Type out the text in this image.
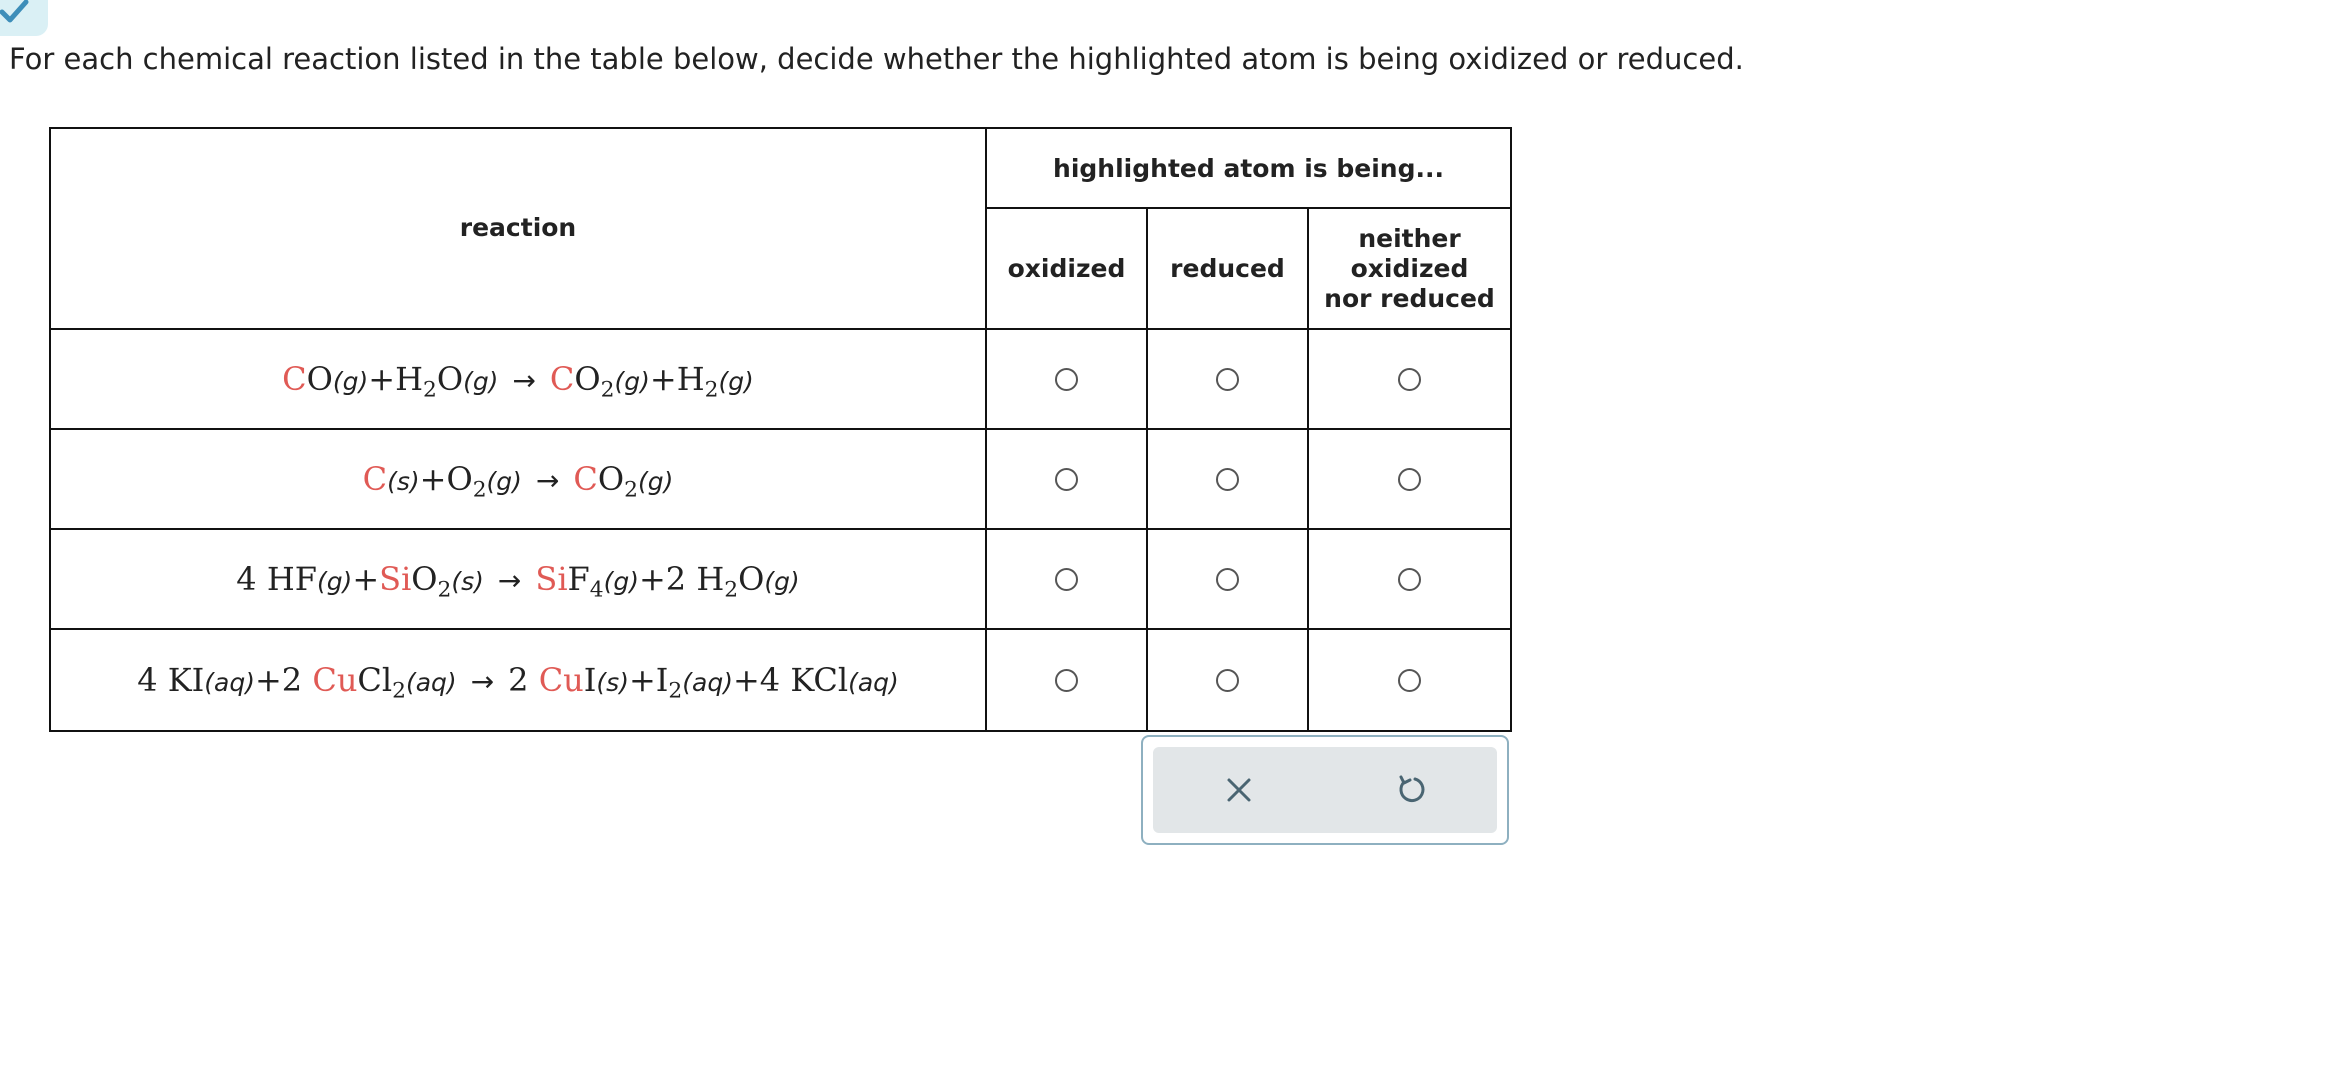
For each chemical reaction listed in the table below, decide whether the highlighted atom is being oxidized or reduced.
reaction	highlighted atom is being...		
	oxidized	reduced	neither oxidized nor reduced
$CO(g)+H_2O(g) \to CO_2(g)+H_2(g)$			
$C(s)+O_2(g) \to CO_2(g)$			
4 HF(g)+SiO$_2$(s) → SiF$_4$(g)+2 $H_2O(g)$			
4 KI(aq)+2 CuCl$_2$(aq) → 2 $CuI(s)+I_2(aq)+4$ KCl(aq)			
